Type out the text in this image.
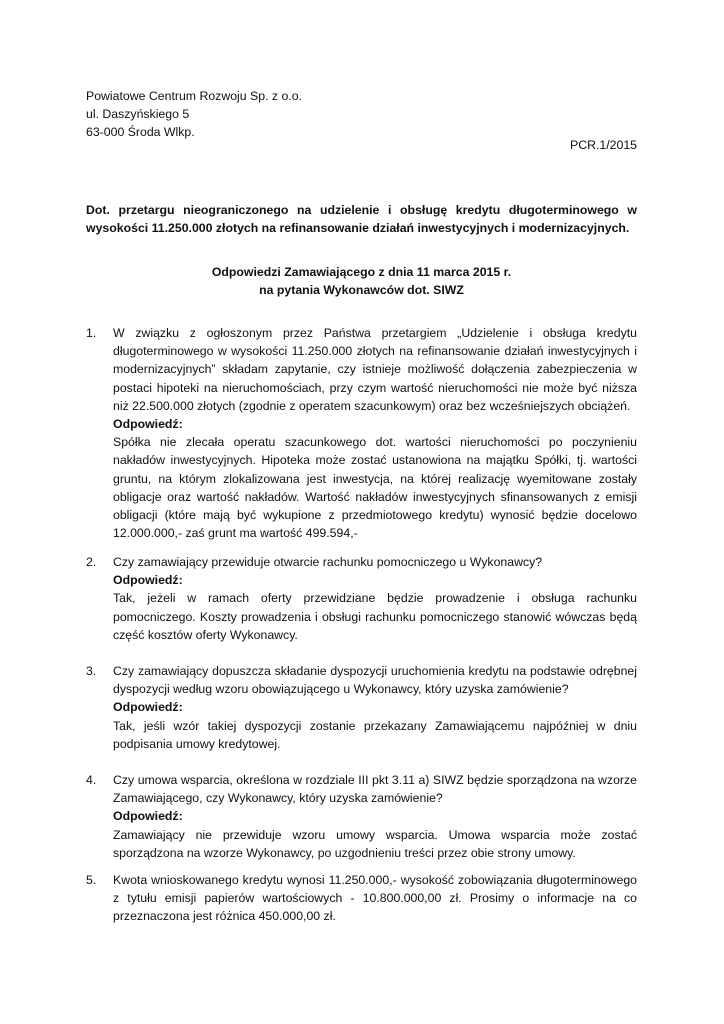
Powiatowe Centrum Rozwoju Sp. z o.o.
ul. Daszyńskiego 5
63-000 Środa Wlkp.
PCR.1/2015
Dot. przetargu nieograniczonego na udzielenie i obsługę kredytu długoterminowego w wysokości 11.250.000 złotych na refinansowanie działań inwestycyjnych i modernizacyjnych.
Odpowiedzi Zamawiającego z dnia 11 marca 2015 r.
na pytania Wykonawców dot. SIWZ
1. W związku z ogłoszonym przez Państwa przetargiem „Udzielenie i obsługa kredytu długoterminowego w wysokości 11.250.000 złotych na refinansowanie działań inwestycyjnych i modernizacyjnych” składam zapytanie, czy istnieje możliwość dołączenia zabezpieczenia w postaci hipoteki na nieruchomościach, przy czym wartość nieruchomości nie może być niższa niż 22.500.000 złotych (zgodnie z operatem szacunkowym) oraz bez wcześniejszych obciążeń.

Odpowiedź:

Spółka nie zlecała operatu szacunkowego dot. wartości nieruchomości po poczynieniu nakładów inwestycyjnych. Hipoteka może zostać ustanowiona na majątku Spółki, tj. wartości gruntu, na którym zlokalizowana jest inwestycja, na której realizację wyemitowane zostały obligacje oraz wartość nakładów. Wartość nakładów inwestycyjnych sfinansowanych z emisji obligacji (które mają być wykupione z przedmiotowego kredytu) wynosić będzie docelowo 12.000.000,- zaś grunt ma wartość 499.594,-

2. Czy zamawiający przewiduje otwarcie rachunku pomocniczego u Wykonawcy?

Odpowiedź:

Tak, jeżeli w ramach oferty przewidziane będzie prowadzenie i obsługa rachunku pomocniczego. Koszty prowadzenia i obsługi rachunku pomocniczego stanowić wówczas będą część kosztów oferty Wykonawcy.

3. Czy zamawiający dopuszcza składanie dyspozycji uruchomienia kredytu na podstawie odrębnej dyspozycji według wzoru obowiązującego u Wykonawcy, który uzyska zamówienie?

Odpowiedź:

Tak, jeśli wzór takiej dyspozycji zostanie przekazany Zamawiającemu najpóźniej w dniu podpisania umowy kredytowej.

4. Czy umowa wsparcia, określona w rozdziale III pkt 3.11 a) SIWZ będzie sporządzona na wzorze Zamawiającego, czy Wykonawcy, który uzyska zamówienie?

Odpowiedź:

Zamawiający nie przewiduje wzoru umowy wsparcia. Umowa wsparcia może zostać sporządzona na wzorze Wykonawcy, po uzgodnieniu treści przez obie strony umowy.

5. Kwota wnioskowanego kredytu wynosi 11.250.000,- wysokość zobowiązania długoterminowego z tytułu emisji papierów wartościowych - 10.800.000,00 zł. Prosimy o informacje na co przeznaczona jest różnica 450.000,00 zł.
